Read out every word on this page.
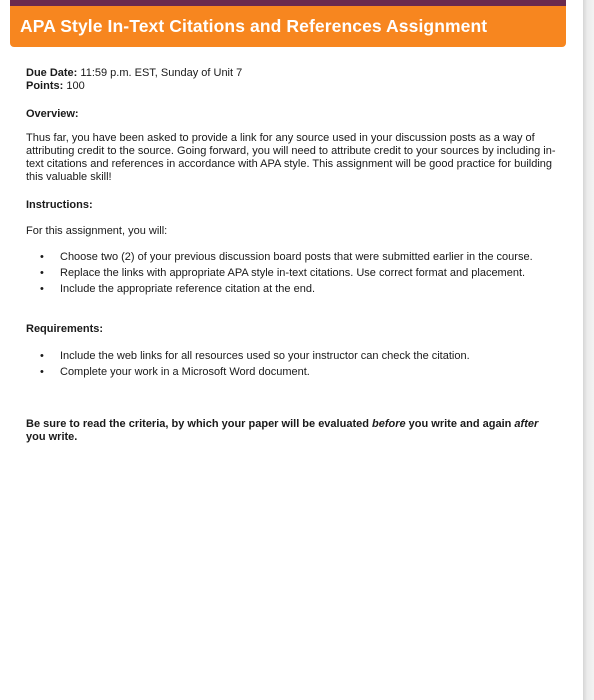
APA Style In-Text Citations and References Assignment
Due Date: 11:59 p.m. EST, Sunday of Unit 7
Points: 100

Overview:

Thus far, you have been asked to provide a link for any source used in your discussion posts as a way of attributing credit to the source. Going forward, you will need to attribute credit to your sources by including in-text citations and references in accordance with APA style. This assignment will be good practice for building this valuable skill!

Instructions:

For this assignment, you will:

• Choose two (2) of your previous discussion board posts that were submitted earlier in the course.
• Replace the links with appropriate APA style in-text citations. Use correct format and placement.
• Include the appropriate reference citation at the end.

Requirements:

• Include the web links for all resources used so your instructor can check the citation.
• Complete your work in a Microsoft Word document.

Be sure to read the criteria, by which your paper will be evaluated before you write and again after you write.
